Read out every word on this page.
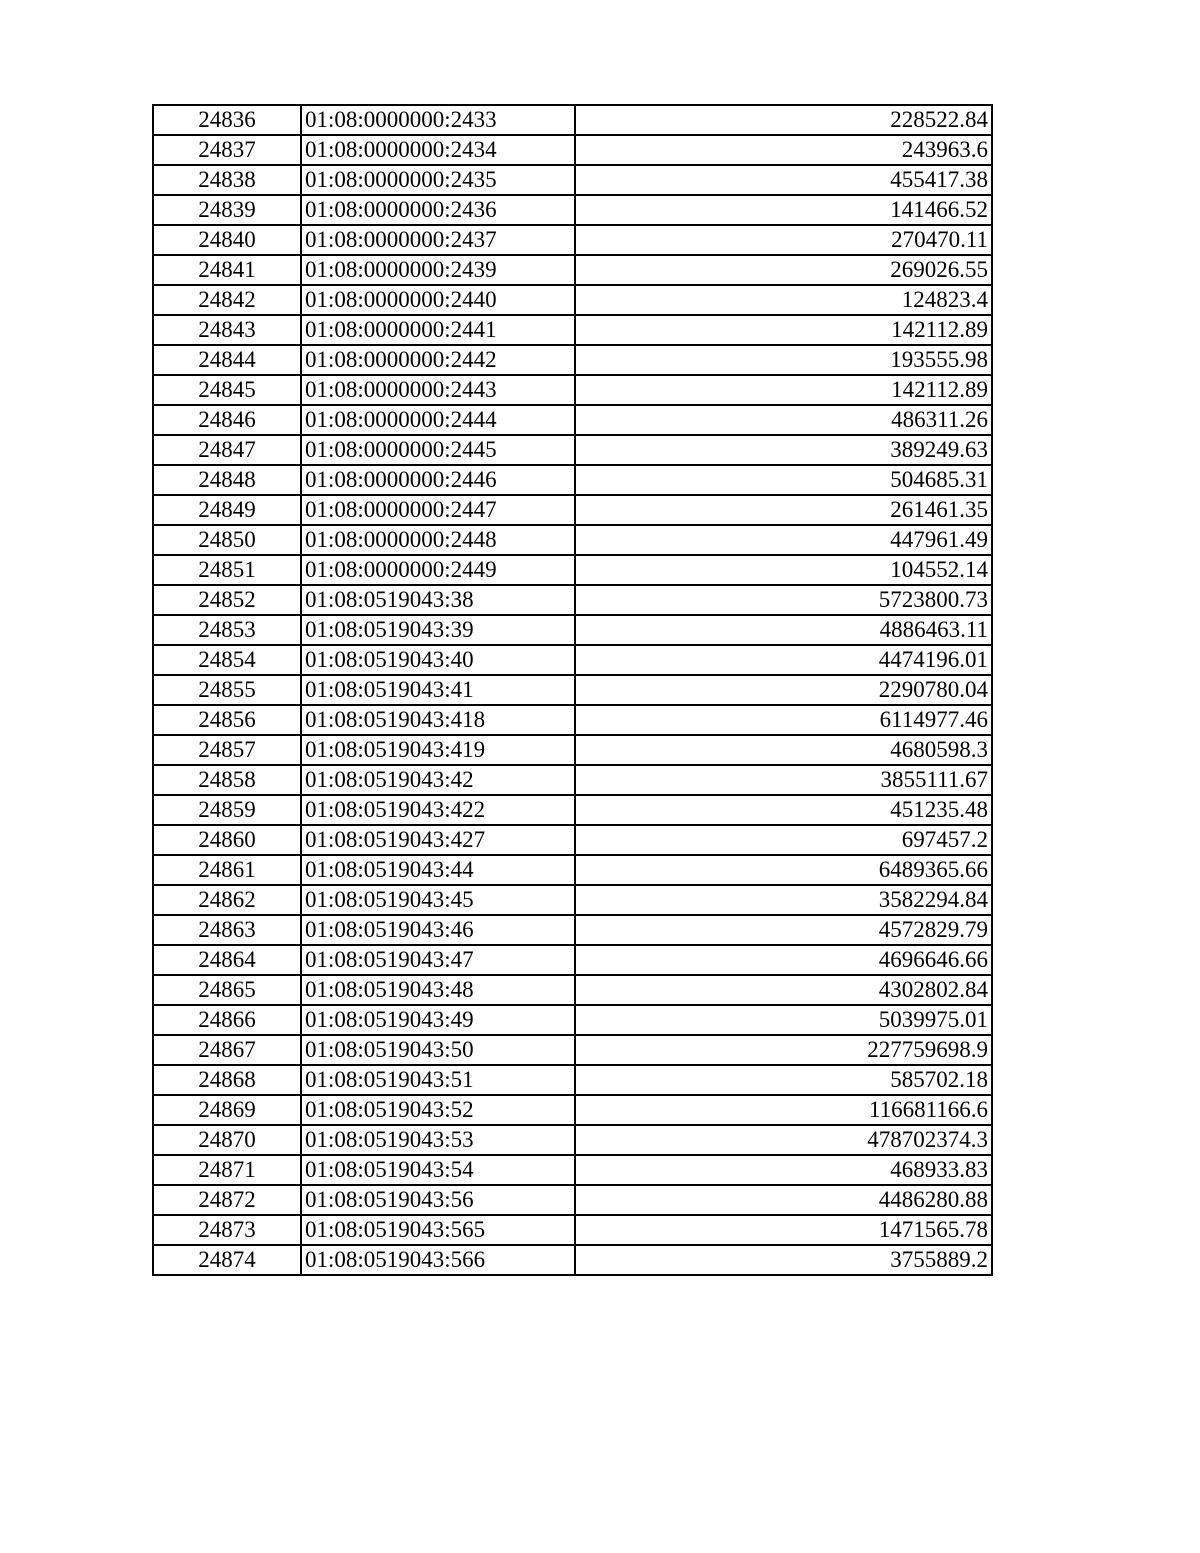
24836	01:08:0000000:2433	228522.84
24837	01:08:0000000:2434	243963.6
24838	01:08:0000000:2435	455417.38
24839	01:08:0000000:2436	141466.52
24840	01:08:0000000:2437	270470.11
24841	01:08:0000000:2439	269026.55
24842	01:08:0000000:2440	124823.4
24843	01:08:0000000:2441	142112.89
24844	01:08:0000000:2442	193555.98
24845	01:08:0000000:2443	142112.89
24846	01:08:0000000:2444	486311.26
24847	01:08:0000000:2445	389249.63
24848	01:08:0000000:2446	504685.31
24849	01:08:0000000:2447	261461.35
24850	01:08:0000000:2448	447961.49
24851	01:08:0000000:2449	104552.14
24852	01:08:0519043:38	5723800.73
24853	01:08:0519043:39	4886463.11
24854	01:08:0519043:40	4474196.01
24855	01:08:0519043:41	2290780.04
24856	01:08:0519043:418	6114977.46
24857	01:08:0519043:419	4680598.3
24858	01:08:0519043:42	3855111.67
24859	01:08:0519043:422	451235.48
24860	01:08:0519043:427	697457.2
24861	01:08:0519043:44	6489365.66
24862	01:08:0519043:45	3582294.84
24863	01:08:0519043:46	4572829.79
24864	01:08:0519043:47	4696646.66
24865	01:08:0519043:48	4302802.84
24866	01:08:0519043:49	5039975.01
24867	01:08:0519043:50	227759698.9
24868	01:08:0519043:51	585702.18
24869	01:08:0519043:52	116681166.6
24870	01:08:0519043:53	478702374.3
24871	01:08:0519043:54	468933.83
24872	01:08:0519043:56	4486280.88
24873	01:08:0519043:565	1471565.78
24874	01:08:0519043:566	3755889.2
